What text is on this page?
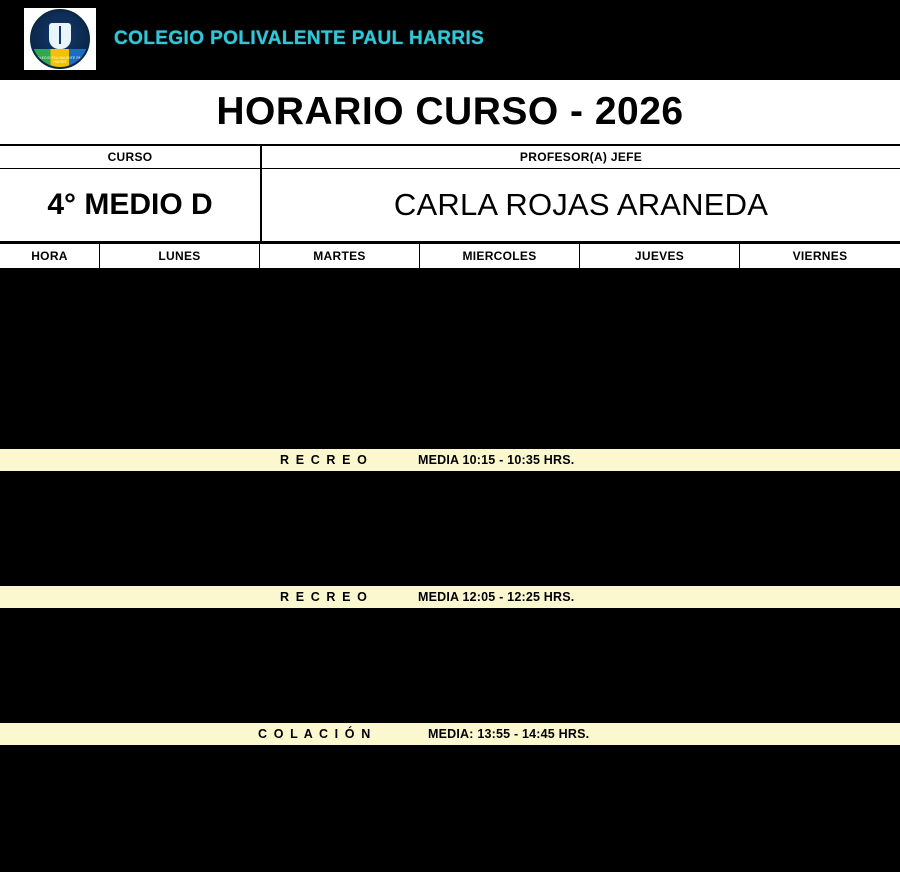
COLEGIO POLIVALENTE PAUL HARRIS
COLEGIO POLIVALENTE PAUL HARRIS
HORARIO CURSO - 2026
CURSO	PROFESOR(A) JEFE
4° MEDIO D	CARLA ROJAS ARANEDA
HORA	LUNES	MARTES	MIERCOLES	JUEVES	VIERNES
R E C R E O	MEDIA 10:15 - 10:35 HRS.
R E C R E O	MEDIA 12:05 - 12:25 HRS.
C O L A C I Ó N	MEDIA: 13:55 - 14:45 HRS.
